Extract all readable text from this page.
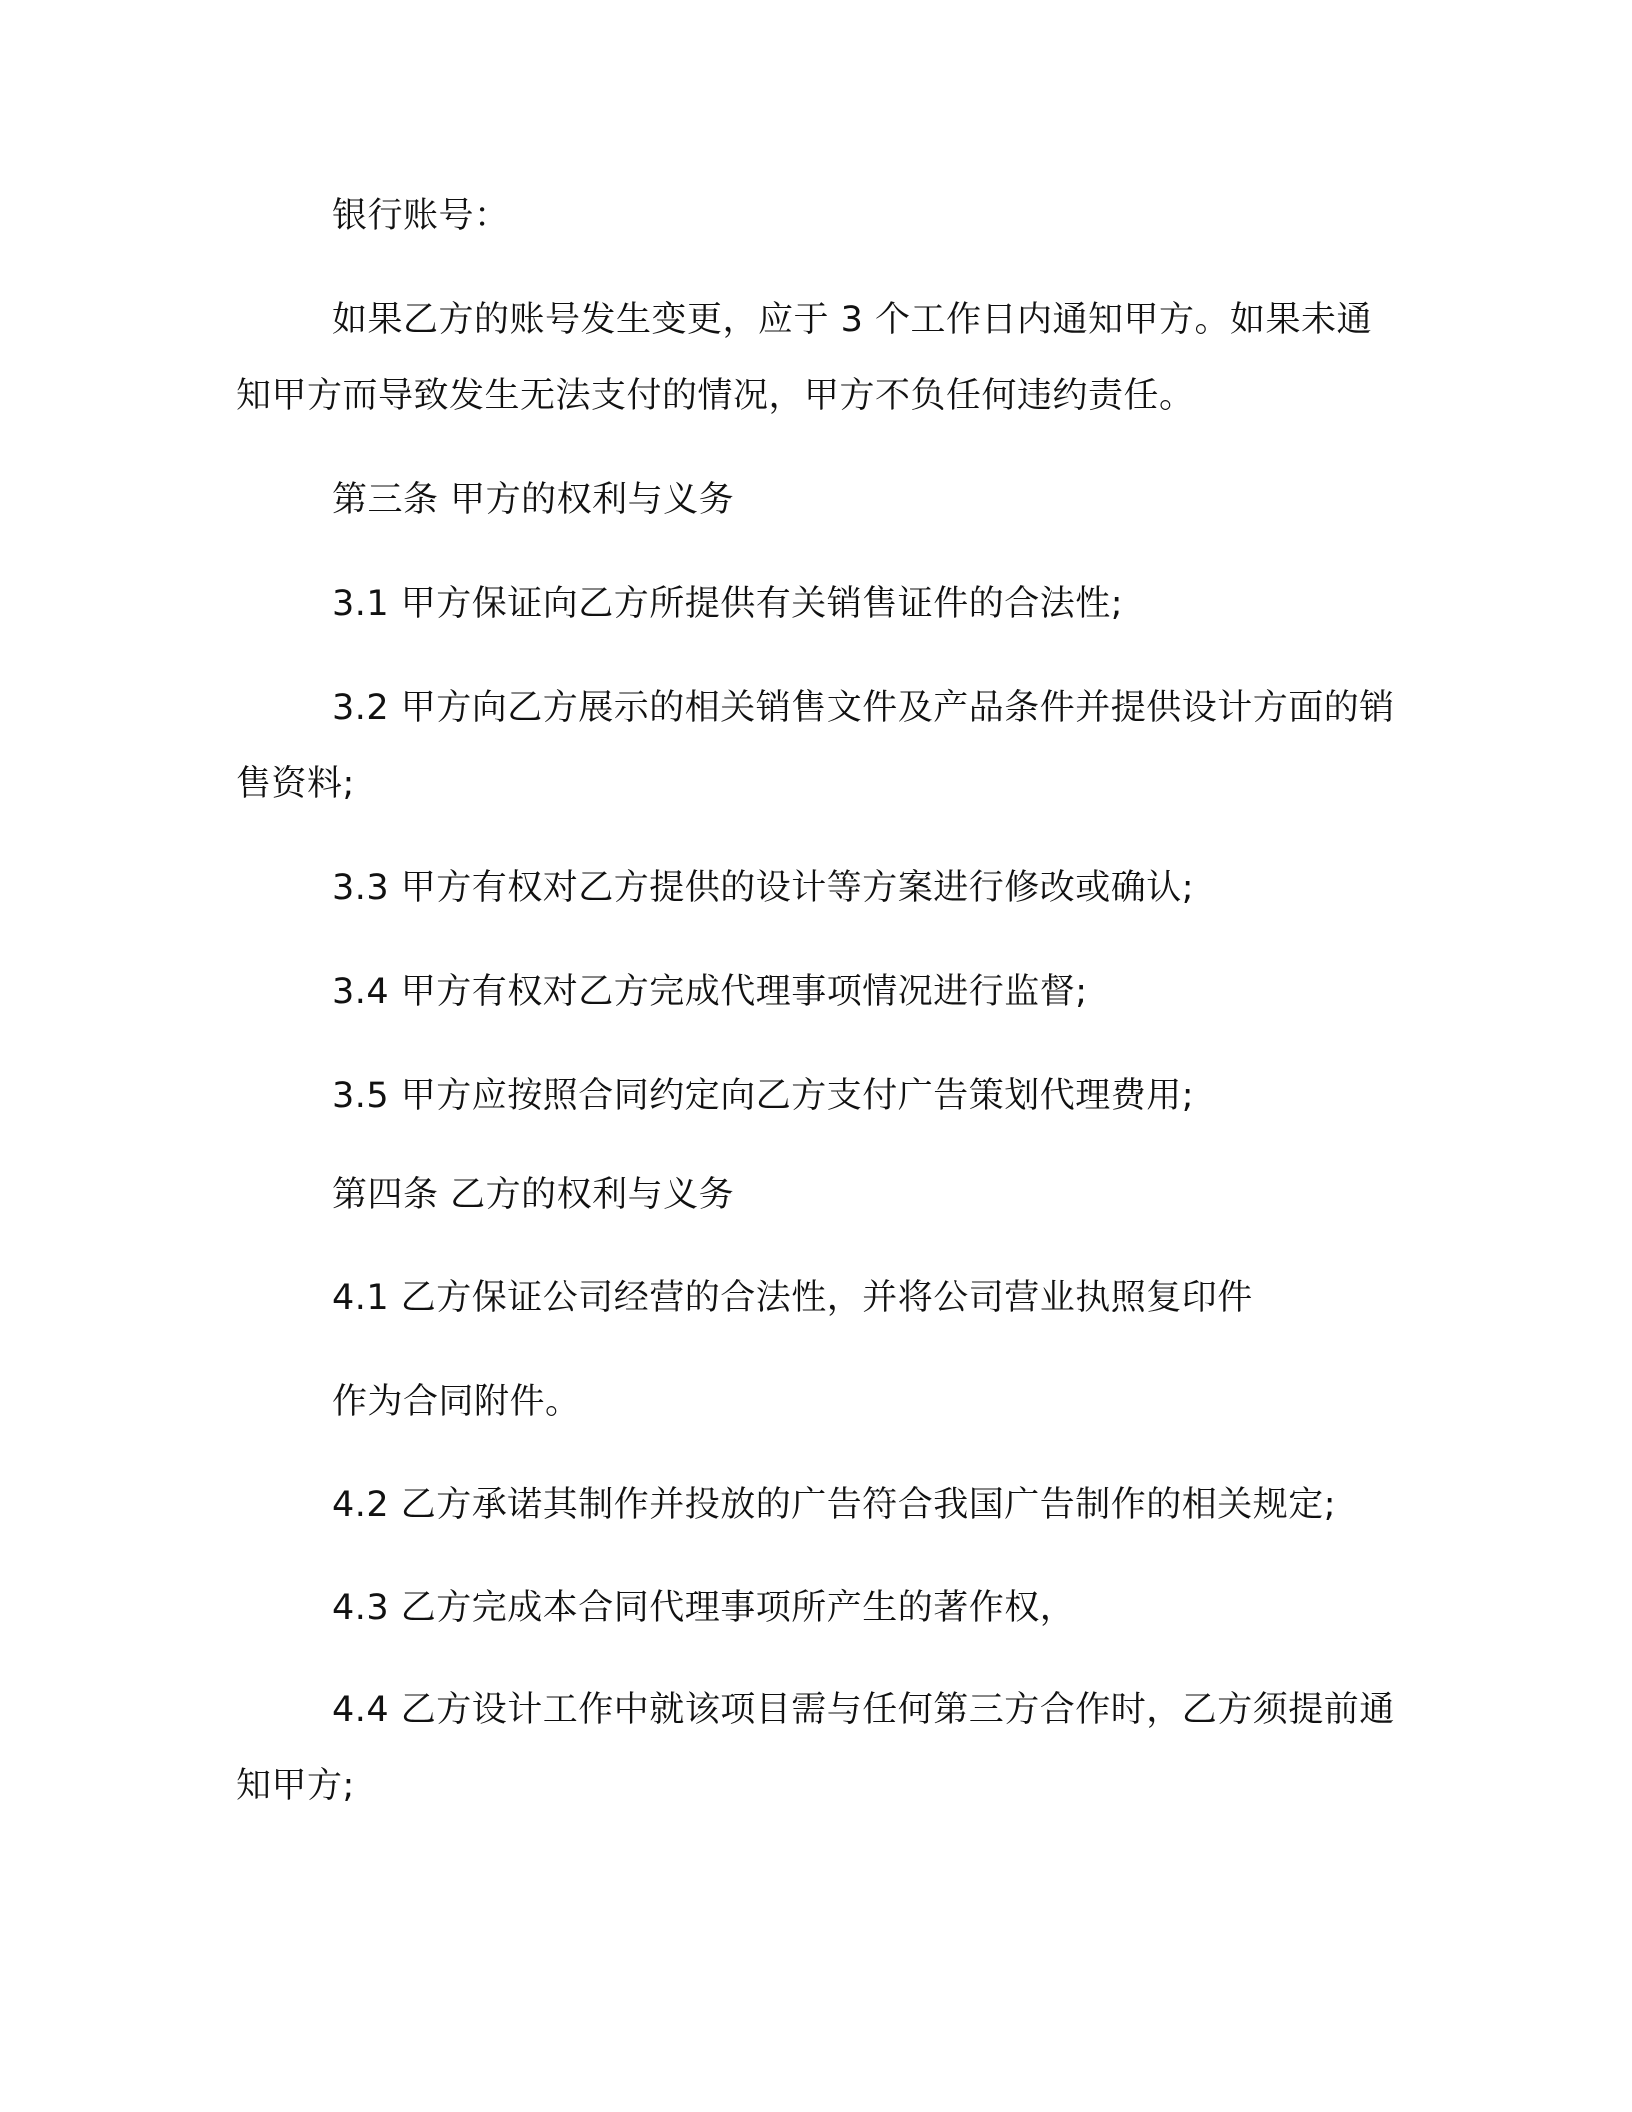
银行账号：

如果乙方的账号发生变更，应于 3 个工作日内通知甲方。如果未通知甲方而导致发生无法支付的情况，甲方不负任何违约责任。

第三条 甲方的权利与义务

3.1 甲方保证向乙方所提供有关销售证件的合法性;

3.2 甲方向乙方展示的相关销售文件及产品条件并提供设计方面的销售资料;

3.3 甲方有权对乙方提供的设计等方案进行修改或确认;

3.4 甲方有权对乙方完成代理事项情况进行监督;

3.5 甲方应按照合同约定向乙方支付广告策划代理费用;

第四条 乙方的权利与义务

4.1 乙方保证公司经营的合法性，并将公司营业执照复印件

作为合同附件。

4.2 乙方承诺其制作并投放的广告符合我国广告制作的相关规定;

4.3 乙方完成本合同代理事项所产生的著作权，

4.4 乙方设计工作中就该项目需与任何第三方合作时，乙方须提前通知甲方;
